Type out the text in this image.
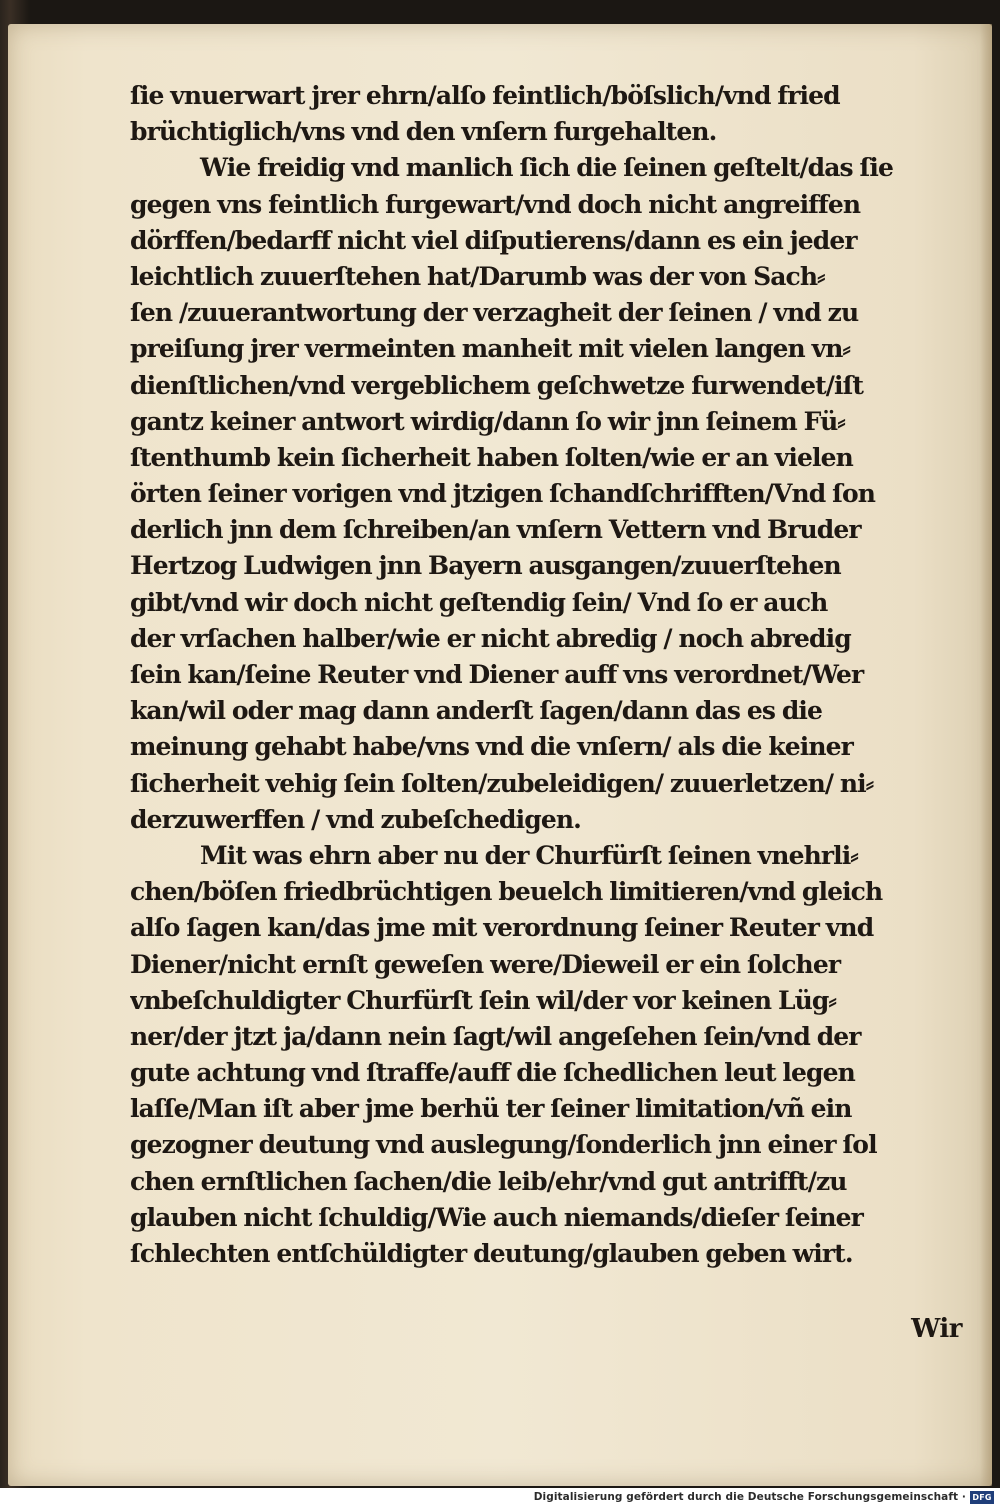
ſie vnuerwart jrer ehrn/alſo feintlich/böſslich/vnd fried
brüchtiglich/vns vnd den vnſern furgehalten.
Wie freidig vnd manlich ſich die ſeinen geſtelt/das ſie
gegen vns feintlich furgewart/vnd doch nicht angreiffen
dörffen/bedarff nicht viel diſputierens/dann es ein jeder
leichtlich zuuerſtehen hat/Darumb was der von Sach⸗
ſen /zuuerantwortung der verzagheit der ſeinen / vnd zu
preiſung jrer vermeinten manheit mit vielen langen vn⸗
dienſtlichen/vnd vergeblichem geſchwetze furwendet/iſt
gantz keiner antwort wirdig/dann ſo wir jnn ſeinem Fü⸗
ſtenthumb kein ſicherheit haben ſolten/wie er an vielen
örten ſeiner vorigen vnd jtzigen ſchandſchrifften/Vnd ſon
derlich jnn dem ſchreiben/an vnſern Vettern vnd Bruder
Hertzog Ludwigen jnn Bayern ausgangen/zuuerſtehen
gibt/vnd wir doch nicht geſtendig ſein/ Vnd ſo er auch
der vrſachen halber/wie er nicht abredig / noch abredig
ſein kan/ſeine Reuter vnd Diener auff vns verordnet/Wer
kan/wil oder mag dann anderſt ſagen/dann das es die
meinung gehabt habe/vns vnd die vnſern/ als die keiner
ſicherheit vehig ſein ſolten/zubeleidigen/ zuuerletzen/ ni⸗
derzuwerffen / vnd zubeſchedigen.
Mit was ehrn aber nu der Churfürſt ſeinen vnehrli⸗
chen/böſen friedbrüchtigen beuelch limitieren/vnd gleich
alſo ſagen kan/das jme mit verordnung ſeiner Reuter vnd
Diener/nicht ernſt geweſen were/Dieweil er ein ſolcher
vnbeſchuldigter Churfürſt ſein wil/der vor keinen Lüg⸗
ner/der jtzt ja/dann nein ſagt/wil angeſehen ſein/vnd der
gute achtung vnd ſtraffe/auff die ſchedlichen leut legen
laſſe/Man iſt aber jme berhü ter ſeiner limitation/vñ ein
gezogner deutung vnd auslegung/ſonderlich jnn einer ſol
chen ernſtlichen ſachen/die leib/ehr/vnd gut antrifft/zu
glauben nicht ſchuldig/Wie auch niemands/dieſer ſeiner
ſchlechten entſchüldigter deutung/glauben geben wirt.
Wir
Digitalisierung gefördert durch die Deutsche Forschungsgemeinschaft · DFG
